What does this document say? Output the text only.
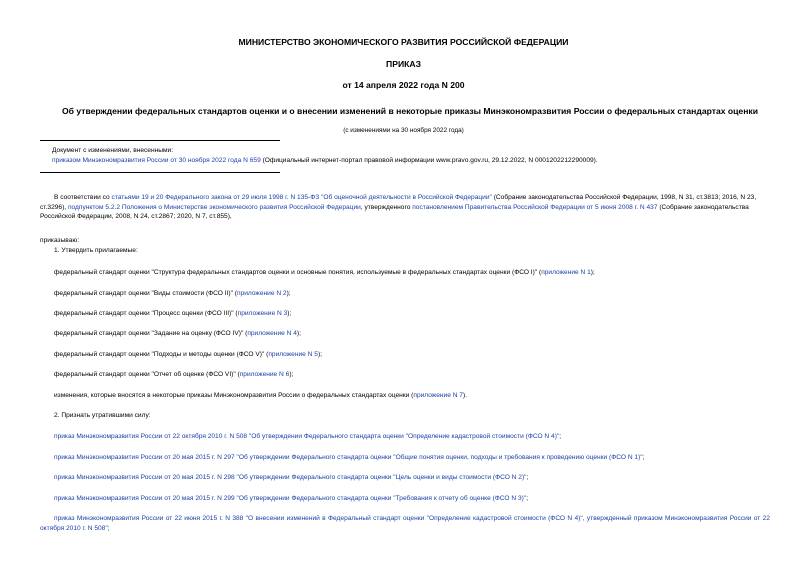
МИНИСТЕРСТВО ЭКОНОМИЧЕСКОГО РАЗВИТИЯ РОССИЙСКОЙ ФЕДЕРАЦИИ
ПРИКАЗ
от 14 апреля 2022 года N 200
Об утверждении федеральных стандартов оценки и о внесении изменений в некоторые приказы Минэкономразвития России о федеральных стандартах оценки
(с изменениями на 30 ноября 2022 года)
Документ с изменениями, внесенными:
приказом Минэкономразвития России от 30 ноября 2022 года N 659 (Официальный интернет-портал правовой информации www.pravo.gov.ru, 29.12.2022, N 0001202212290009).
В соответствии со статьями 19 и 20 Федерального закона от 29 июля 1998 г. N 135-ФЗ "Об оценочной деятельности в Российской Федерации" (Собрание законодательства Российской Федерации, 1998, N 31, ст.3813; 2016, N 23, ст.3296), подпунктом 5.2.2 Положения о Министерстве экономического развития Российской Федерации, утвержденного постановлением Правительства Российской Федерации от 5 июня 2008 г. N 437 (Собрание законодательства Российской Федерации, 2008, N 24, ст.2867; 2020, N 7, ст.855),
приказываю:
1. Утвердить прилагаемые:
федеральный стандарт оценки "Структура федеральных стандартов оценки и основные понятия, используемые в федеральных стандартах оценки (ФСО I)" (приложение N 1);
федеральный стандарт оценки "Виды стоимости (ФСО II)" (приложение N 2);
федеральный стандарт оценки "Процесс оценки (ФСО III)" (приложение N 3);
федеральный стандарт оценки "Задание на оценку (ФСО IV)" (приложение N 4);
федеральный стандарт оценки "Подходы и методы оценки (ФСО V)" (приложение N 5);
федеральный стандарт оценки "Отчет об оценке (ФСО VI)" (приложение N 6);
изменения, которые вносятся в некоторые приказы Минэкономразвития России о федеральных стандартах оценки (приложение N 7).
2. Признать утратившими силу:
приказ Минэкономразвития России от 22 октября 2010 г. N 508 "Об утверждении Федерального стандарта оценки "Определение кадастровой стоимости (ФСО N 4)";
приказ Минэкономразвития России от 20 мая 2015 г. N 297 "Об утверждении Федерального стандарта оценки "Общие понятия оценки, подходы и требования к проведению оценки (ФСО N 1)";
приказ Минэкономразвития России от 20 мая 2015 г. N 298 "Об утверждении Федерального стандарта оценки "Цель оценки и виды стоимости (ФСО N 2)";
приказ Минэкономразвития России от 20 мая 2015 г. N 299 "Об утверждении Федерального стандарта оценки "Требования к отчету об оценке (ФСО N 3)";
приказ Минэкономразвития России от 22 июня 2015 г. N 388 "О внесении изменений в Федеральный стандарт оценки "Определение кадастровой стоимости (ФСО N 4)", утвержденный приказом Минэкономразвития России от 22 октября 2010 г. N 508";
